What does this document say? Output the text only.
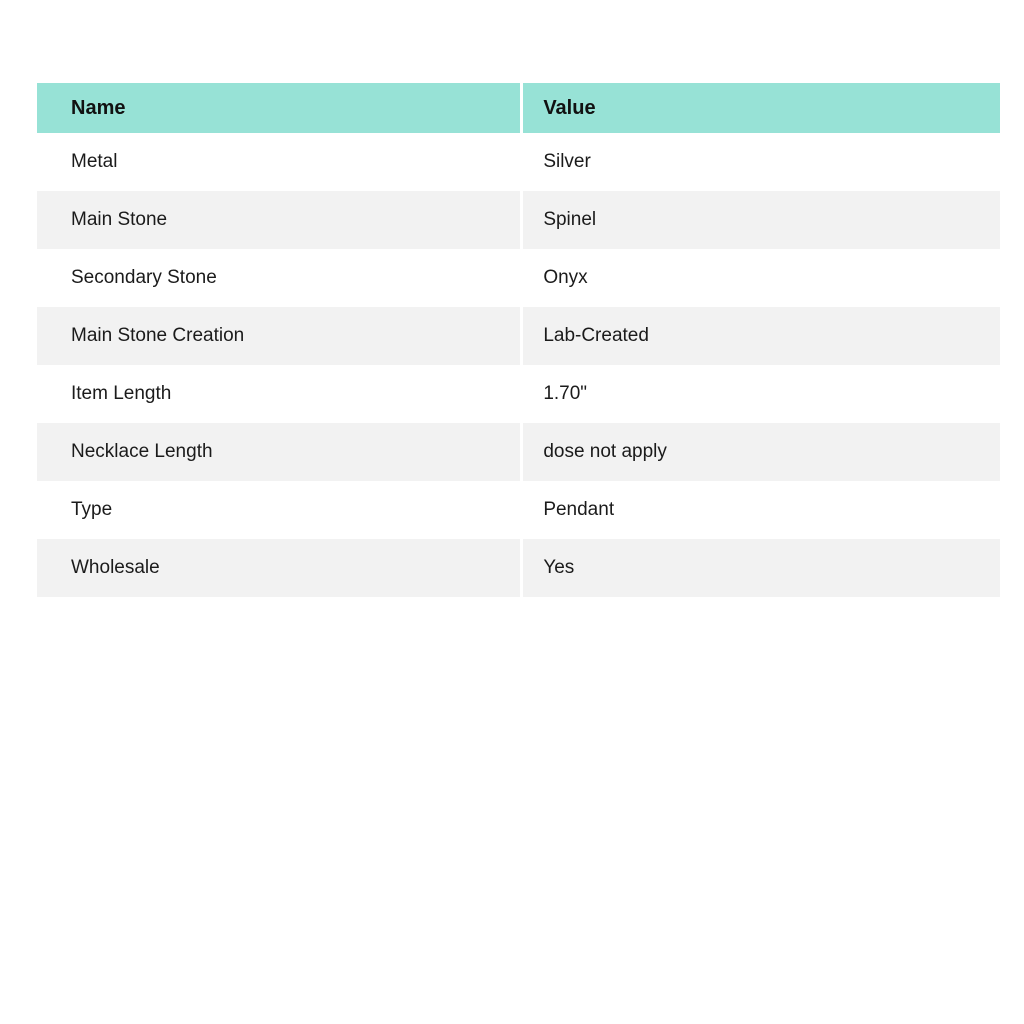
Name	Value

Metal	Silver

Main Stone	Spinel

Secondary Stone	Onyx

Main Stone Creation	Lab-Created

Item Length	1.70"

Necklace Length	dose not apply

Type	Pendant

Wholesale	Yes
